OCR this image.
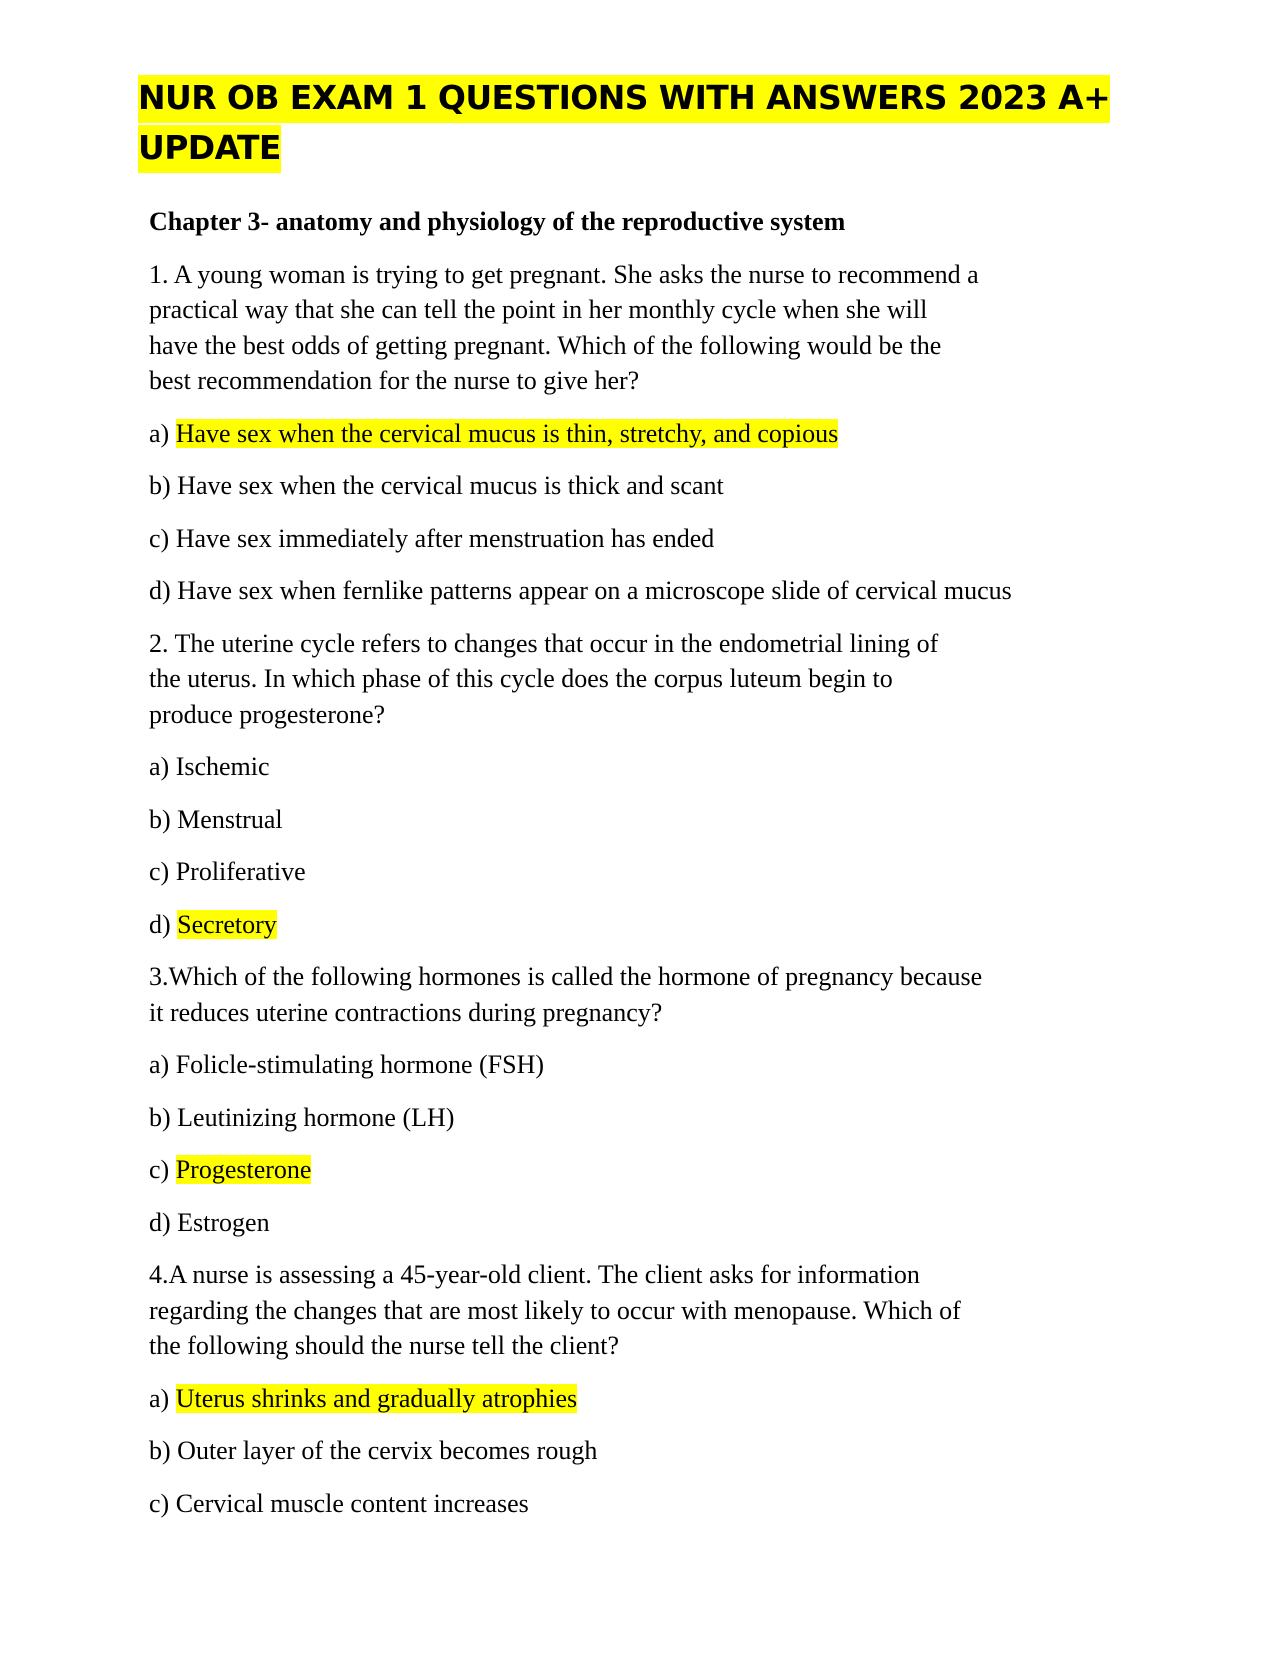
NUR OB EXAM 1 QUESTIONS WITH ANSWERS 2023 A+
UPDATE

Chapter 3- anatomy and physiology of the reproductive system

1. A young woman is trying to get pregnant. She asks the nurse to recommend a
practical way that she can tell the point in her monthly cycle when she will
have the best odds of getting pregnant. Which of the following would be the
best recommendation for the nurse to give her?

a) Have sex when the cervical mucus is thin, stretchy, and copious

b) Have sex when the cervical mucus is thick and scant

c) Have sex immediately after menstruation has ended

d) Have sex when fernlike patterns appear on a microscope slide of cervical mucus

2. The uterine cycle refers to changes that occur in the endometrial lining of
the uterus. In which phase of this cycle does the corpus luteum begin to
produce progesterone?

a) Ischemic

b) Menstrual

c) Proliferative

d) Secretory

3.Which of the following hormones is called the hormone of pregnancy because
it reduces uterine contractions during pregnancy?

a) Folicle-stimulating hormone (FSH)

b) Leutinizing hormone (LH)

c) Progesterone

d) Estrogen

4.A nurse is assessing a 45-year-old client. The client asks for information
regarding the changes that are most likely to occur with menopause. Which of
the following should the nurse tell the client?

a) Uterus shrinks and gradually atrophies

b) Outer layer of the cervix becomes rough

c) Cervical muscle content increases
